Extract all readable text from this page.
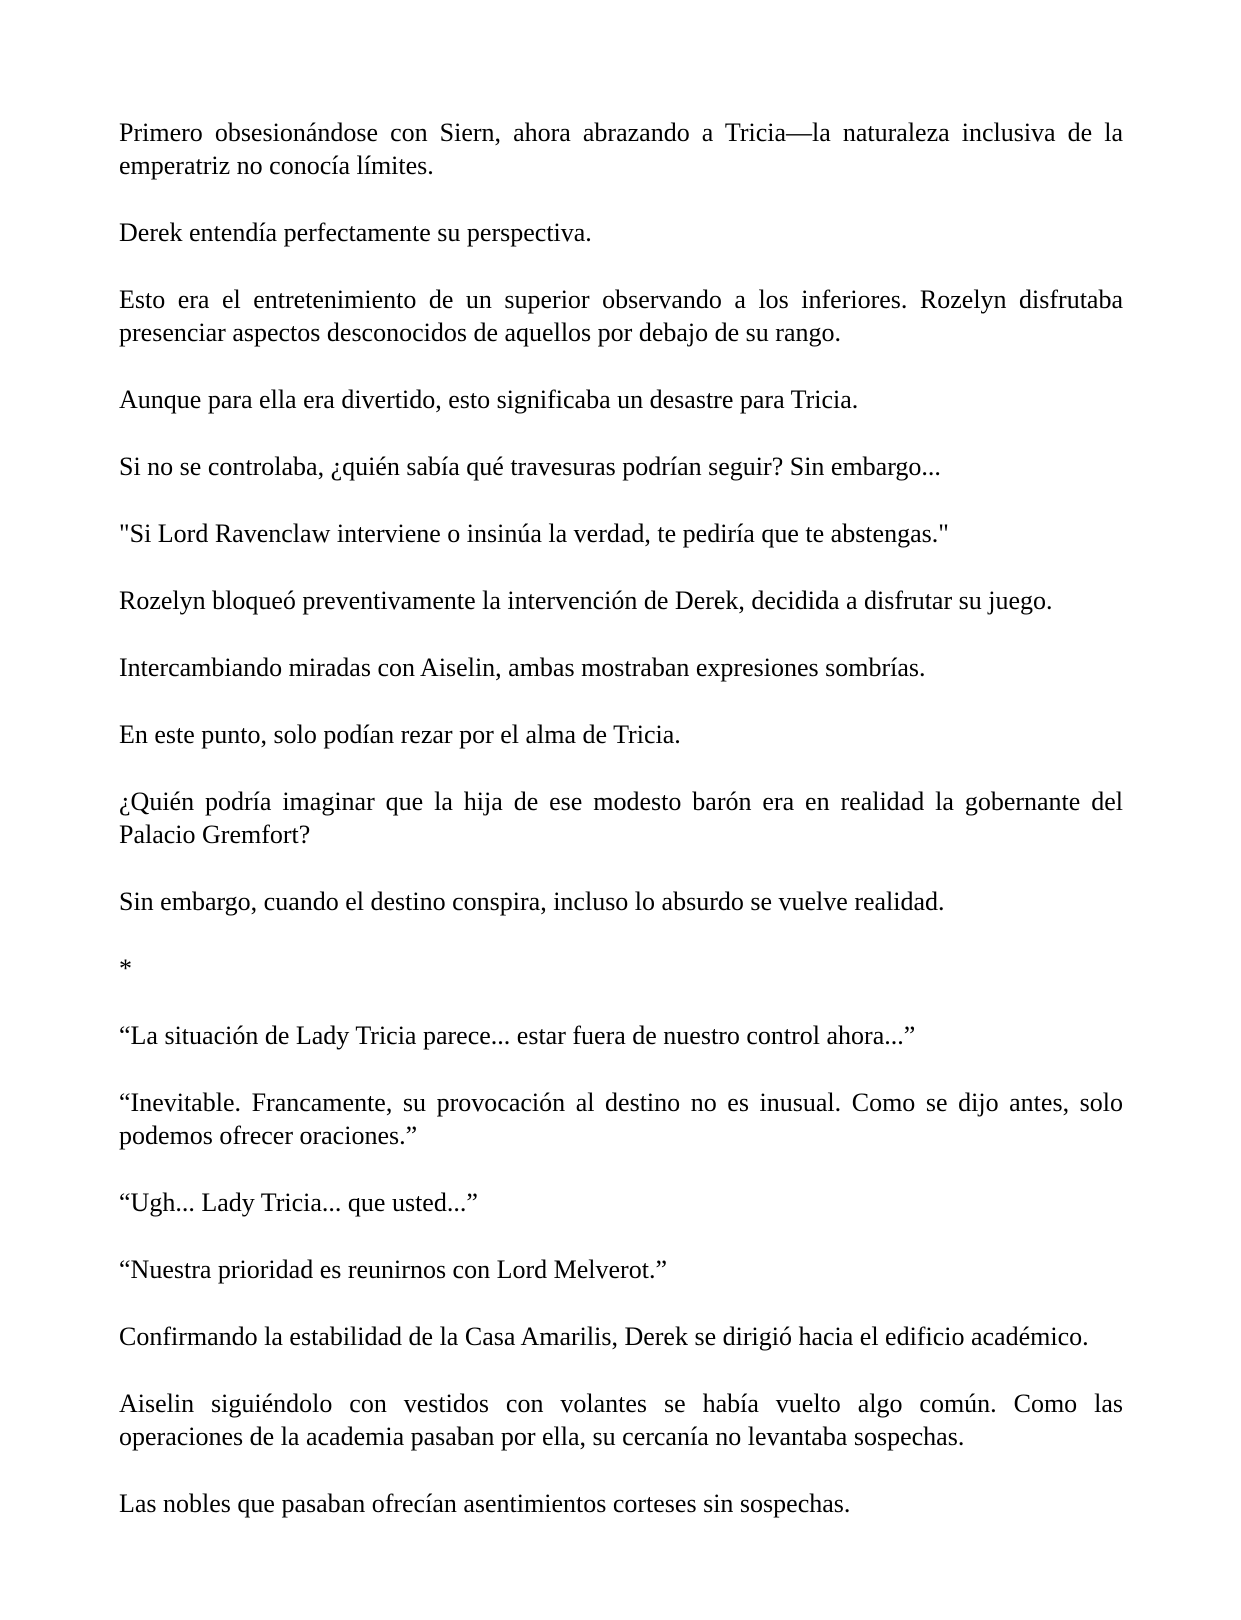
Primero obsesionándose con Siern, ahora abrazando a Tricia—la naturaleza inclusiva de la emperatriz no conocía límites.

Derek entendía perfectamente su perspectiva.

Esto era el entretenimiento de un superior observando a los inferiores. Rozelyn disfrutaba presenciar aspectos desconocidos de aquellos por debajo de su rango.

Aunque para ella era divertido, esto significaba un desastre para Tricia.

Si no se controlaba, ¿quién sabía qué travesuras podrían seguir? Sin embargo...

"Si Lord Ravenclaw interviene o insinúa la verdad, te pediría que te abstengas."

Rozelyn bloqueó preventivamente la intervención de Derek, decidida a disfrutar su juego.

Intercambiando miradas con Aiselin, ambas mostraban expresiones sombrías.

En este punto, solo podían rezar por el alma de Tricia.

¿Quién podría imaginar que la hija de ese modesto barón era en realidad la gobernante del Palacio Gremfort?

Sin embargo, cuando el destino conspira, incluso lo absurdo se vuelve realidad.

*

“La situación de Lady Tricia parece... estar fuera de nuestro control ahora...”

“Inevitable. Francamente, su provocación al destino no es inusual. Como se dijo antes, solo podemos ofrecer oraciones.”

“Ugh... Lady Tricia... que usted...”

“Nuestra prioridad es reunirnos con Lord Melverot.”

Confirmando la estabilidad de la Casa Amarilis, Derek se dirigió hacia el edificio académico.

Aiselin siguiéndolo con vestidos con volantes se había vuelto algo común. Como las operaciones de la academia pasaban por ella, su cercanía no levantaba sospechas.

Las nobles que pasaban ofrecían asentimientos corteses sin sospechas.
